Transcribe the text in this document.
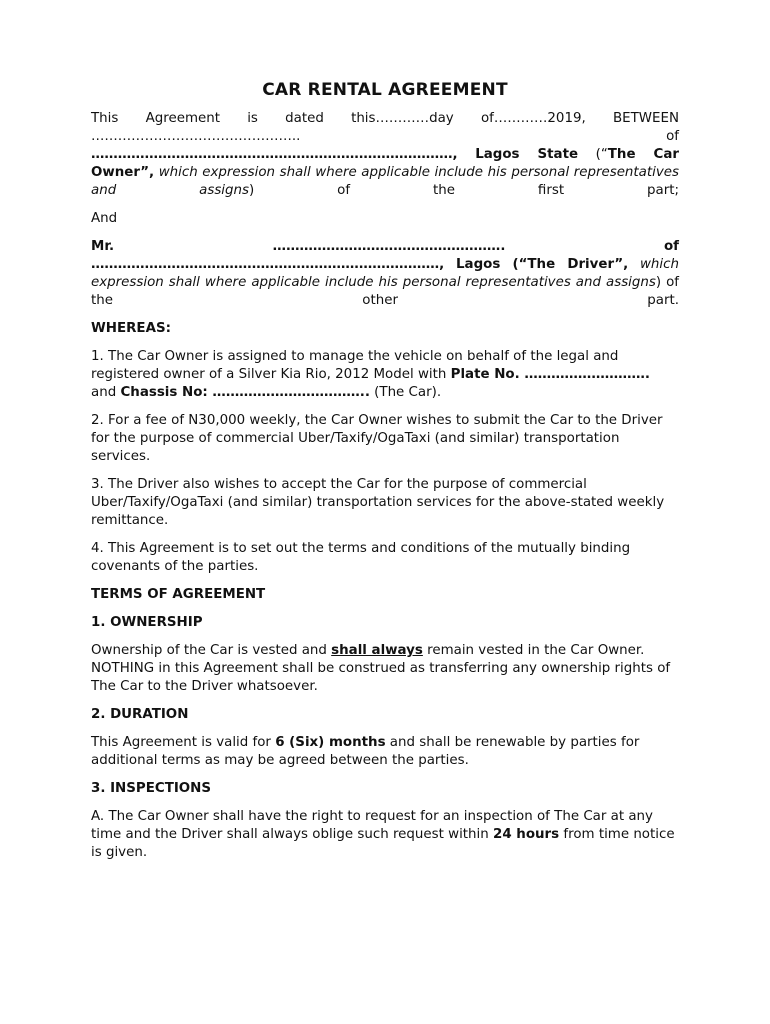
CAR RENTAL AGREEMENT

This Agreement is dated this…………day of…………2019, BETWEEN ……………………………………….. of

………………………………………………………………………, Lagos State (“The Car Owner”, which expression shall where applicable include his personal representatives and assigns) of the first part;

And

Mr.	…………………………………………….	of

……………………………………………………………………, Lagos (“The Driver”, which expression shall where applicable include his personal representatives and assigns) of the other part.

WHEREAS:

1. The Car Owner is assigned to manage the vehicle on behalf of the legal and registered owner of a Silver Kia Rio, 2012 Model with Plate No. ………………………. and Chassis No: …………………………….. (The Car).

2. For a fee of N30,000 weekly, the Car Owner wishes to submit the Car to the Driver for the purpose of commercial Uber/Taxify/OgaTaxi (and similar) transportation services.

3. The Driver also wishes to accept the Car for the purpose of commercial Uber/Taxify/OgaTaxi (and similar) transportation services for the above-stated weekly remittance.

4. This Agreement is to set out the terms and conditions of the mutually binding covenants of the parties.

TERMS OF AGREEMENT

1. OWNERSHIP

Ownership of the Car is vested and shall always remain vested in the Car Owner. NOTHING in this Agreement shall be construed as transferring any ownership rights of The Car to the Driver whatsoever.

2. DURATION

This Agreement is valid for 6 (Six) months and shall be renewable by parties for additional terms as may be agreed between the parties.

3. INSPECTIONS

A. The Car Owner shall have the right to request for an inspection of The Car at any time and the Driver shall always oblige such request within 24 hours from time notice is given.
